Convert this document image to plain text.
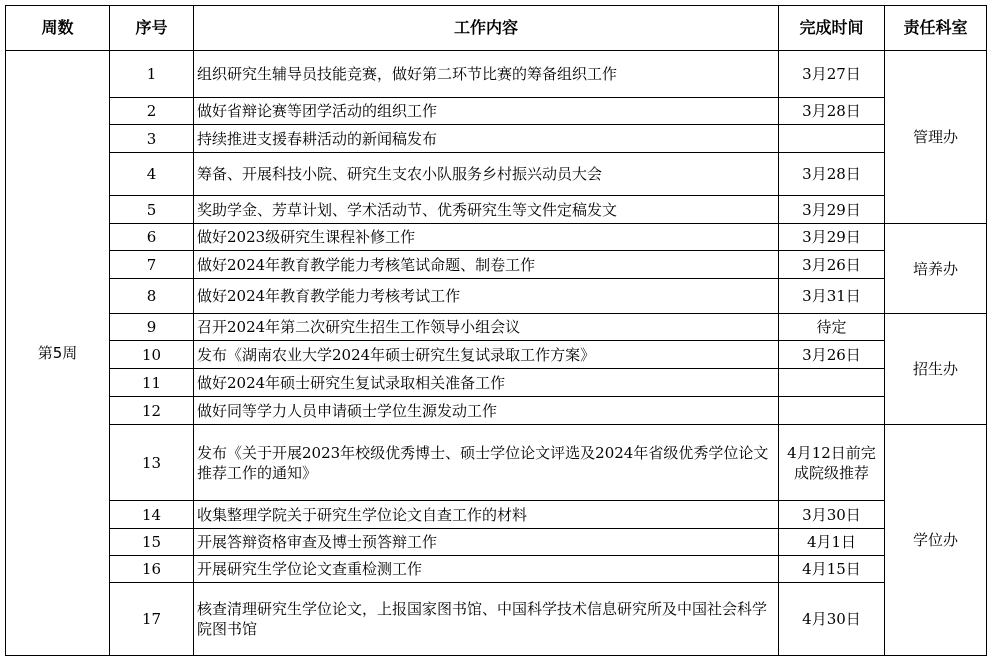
周数	序号	工作内容	完成时间	责任科室
第5周	1	组织研究生辅导员技能竞赛，做好第二环节比赛的筹备组织工作	3月27日	管理办
	2	做好省辩论赛等团学活动的组织工作	3月28日	
	3	持续推进支援春耕活动的新闻稿发布		
	4	筹备、开展科技小院、研究生支农小队服务乡村振兴动员大会	3月28日	
	5	奖助学金、芳草计划、学术活动节、优秀研究生等文件定稿发文	3月29日	
	6	做好2023级研究生课程补修工作	3月29日	培养办
	7	做好2024年教育教学能力考核笔试命题、制卷工作	3月26日	
	8	做好2024年教育教学能力考核考试工作	3月31日	
	9	召开2024年第二次研究生招生工作领导小组会议	待定	招生办
	10	发布《湖南农业大学2024年硕士研究生复试录取工作方案》	3月26日	
	11	做好2024年硕士研究生复试录取相关准备工作		
	12	做好同等学力人员申请硕士学位生源发动工作		
	13	发布《关于开展2023年校级优秀博士、硕士学位论文评选及2024年省级优秀学位论文推荐工作的通知》	4月12日前完成院级推荐	学位办
	14	收集整理学院关于研究生学位论文自查工作的材料	3月30日	
	15	开展答辩资格审查及博士预答辩工作	4月1日	
	16	开展研究生学位论文查重检测工作	4月15日	
	17	核查清理研究生学位论文，上报国家图书馆、中国科学技术信息研究所及中国社会科学院图书馆	4月30日	
